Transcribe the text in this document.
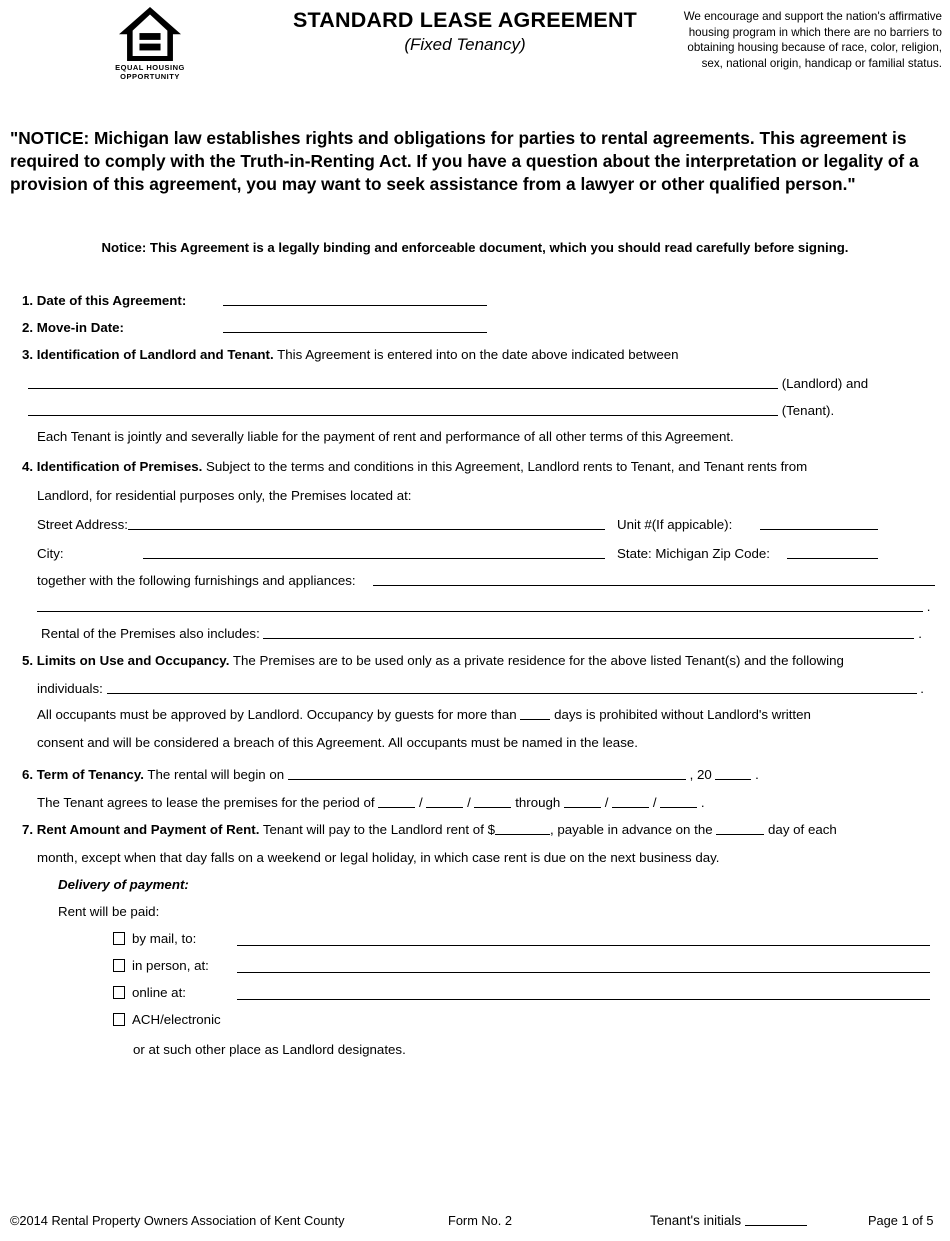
EQUAL HOUSING
OPPORTUNITY
STANDARD LEASE AGREEMENT
(Fixed Tenancy)
We encourage and support the nation's affirmative housing program in which there are no barriers to obtaining housing because of race, color, religion, sex, national origin, handicap or familial status.
"NOTICE: Michigan law establishes rights and obligations for parties to rental agreements. This agreement is required to comply with the Truth-in-Renting Act. If you have a question about the interpretation or legality of a provision of this agreement, you may want to seek assistance from a lawyer or other qualified person."
Notice: This Agreement is a legally binding and enforceable document, which you should read carefully before signing.
1. Date of this Agreement:
2. Move-in Date:
3. Identification of Landlord and Tenant. This Agreement is entered into on the date above indicated between
(Landlord) and
(Tenant).
Each Tenant is jointly and severally liable for the payment of rent and performance of all other terms of this Agreement.
4. Identification of Premises. Subject to the terms and conditions in this Agreement, Landlord rents to Tenant, and Tenant rents from
Landlord, for residential purposes only, the Premises located at:
Street Address:	Unit #(If appicable):
City:	State: Michigan Zip Code:
together with the following furnishings and appliances:
.
Rental of the Premises also includes:	.
5. Limits on Use and Occupancy. The Premises are to be used only as a private residence for the above listed Tenant(s) and the following
individuals:	.
All occupants must be approved by Landlord. Occupancy by guests for more than	days is prohibited without Landlord's written
consent and will be considered a breach of this Agreement. All occupants must be named in the lease.
6. Term of Tenancy. The rental will begin on	, 20	.
The Tenant agrees to lease the premises for the period of	/	/	through	/	/	.
7. Rent Amount and Payment of Rent. Tenant will pay to the Landlord rent of $	, payable in advance on the	day of each
month, except when that day falls on a weekend or legal holiday, in which case rent is due on the next business day.
Delivery of payment:
Rent will be paid:
by mail, to:
in person, at:
online at:
ACH/electronic
or at such other place as Landlord designates.
©2014 Rental Property Owners Association of Kent County	Form No. 2	Tenant's initials	Page 1 of 5
